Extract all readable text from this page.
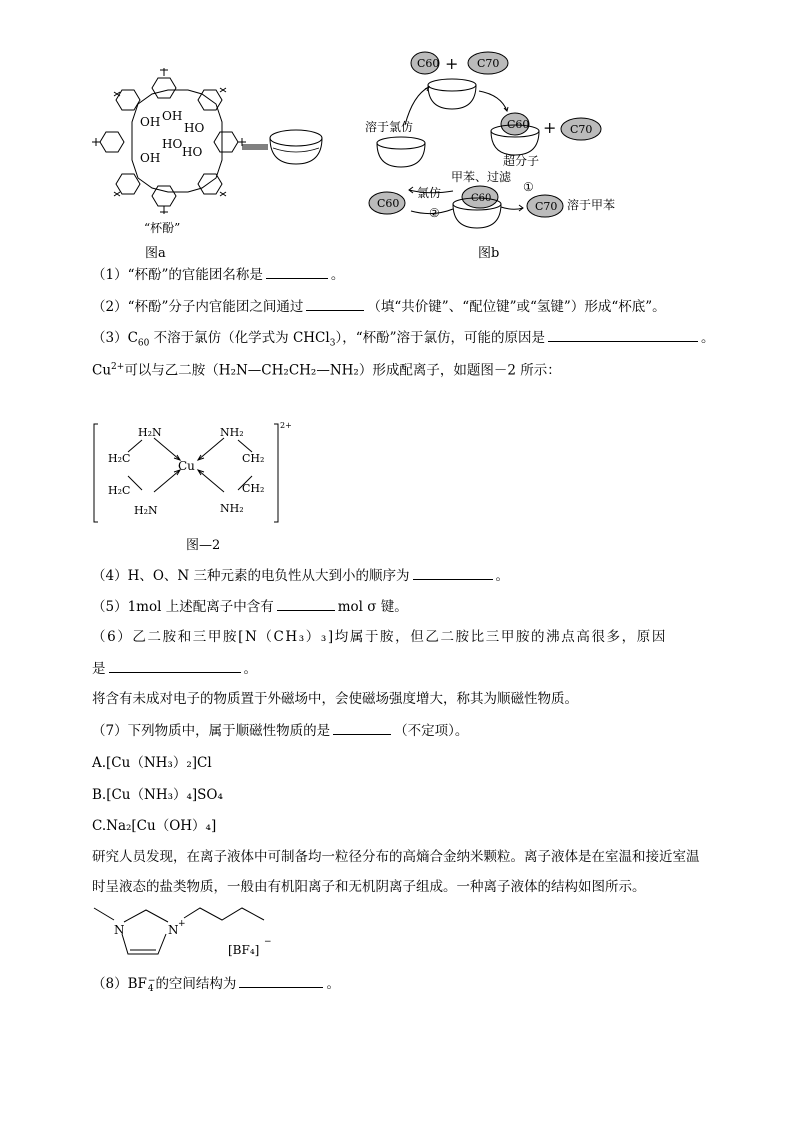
OH OH
HO
OH HO
HO
“杯酚”
图a
C60 + C70
C60 + C70
溶于氯仿
超分子
甲苯、过滤
①
C60
氯仿
②
C60	C70 溶于甲苯
图b
（1）“杯酚”的官能团名称是	。
（2）“杯酚”分子内官能团之间通过	（填“共价键”、“配位键”或“氢键”）形成“杯底”。
$(3)C_{60}$ 不溶于氯仿（化学式为 CHCl$_3$），“杯酚”溶于氯仿，可能的原因是	。
$Cu^{2+}$可以与乙二胺（H₂N—CH₂CH₂—NH₂）形成配离子，如题图－2 所示：
2+
H₂N	NH₂
H₂C
Cu
CH₂
H₂C	CH₂
H₂N	NH₂
图—2
（4）H、O、N 三种元素的电负性从大到小的顺序为	。
（5）1mol 上述配离子中含有	mol σ 键。
（6）乙二胺和三甲胺[N（CH₃）₃]均属于胺，但乙二胺比三甲胺的沸点高很多，原因
是	。
将含有未成对电子的物质置于外磁场中，会使磁场强度增大，称其为顺磁性物质。
（7）下列物质中，属于顺磁性物质的是	（不定项）。
A.[Cu（NH₃）₂]Cl
B.[Cu（NH₃）₄]SO₄
C.Na₂[Cu（OH）₄]
研究人员发现，在离子液体中可制备均一粒径分布的高熵合金纳米颗粒。离子液体是在室温和接近室温
时呈液态的盐类物质，一般由有机阳离子和无机阴离子组成。一种离子液体的结构如图所示。
N	N +
[BF₄]
−
（8）BF −
4 的空间结构为	。
